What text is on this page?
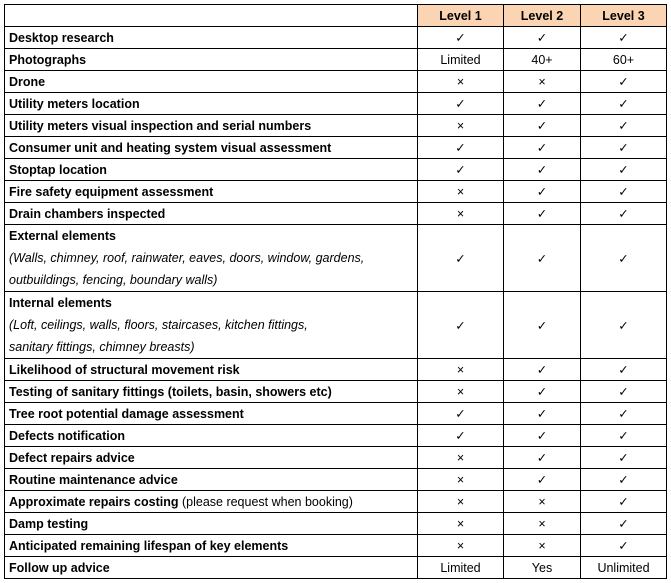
	Level 1	Level 2	Level 3
Desktop research	✓	✓	✓
Photographs	Limited	40+	60+
Drone	×	×	✓
Utility meters location	✓	✓	✓
Utility meters visual inspection and serial numbers	×	✓	✓
Consumer unit and heating system visual assessment	✓	✓	✓
Stoptap location	✓	✓	✓
Fire safety equipment assessment	×	✓	✓
Drain chambers inspected	×	✓	✓
External elements
(Walls, chimney, roof, rainwater, eaves, doors, window, gardens,
outbuildings, fencing, boundary walls)	✓	✓	✓
Internal elements
(Loft, ceilings, walls, floors, staircases, kitchen fittings,
sanitary fittings, chimney breasts)	✓	✓	✓
Likelihood of structural movement risk	×	✓	✓
Testing of sanitary fittings (toilets, basin, showers etc)	×	✓	✓
Tree root potential damage assessment	✓	✓	✓
Defects notification	✓	✓	✓
Defect repairs advice	×	✓	✓
Routine maintenance advice	×	✓	✓
Approximate repairs costing (please request when booking)	×	×	✓
Damp testing	×	×	✓
Anticipated remaining lifespan of key elements	×	×	✓
Follow up advice	Limited	Yes	Unlimited
